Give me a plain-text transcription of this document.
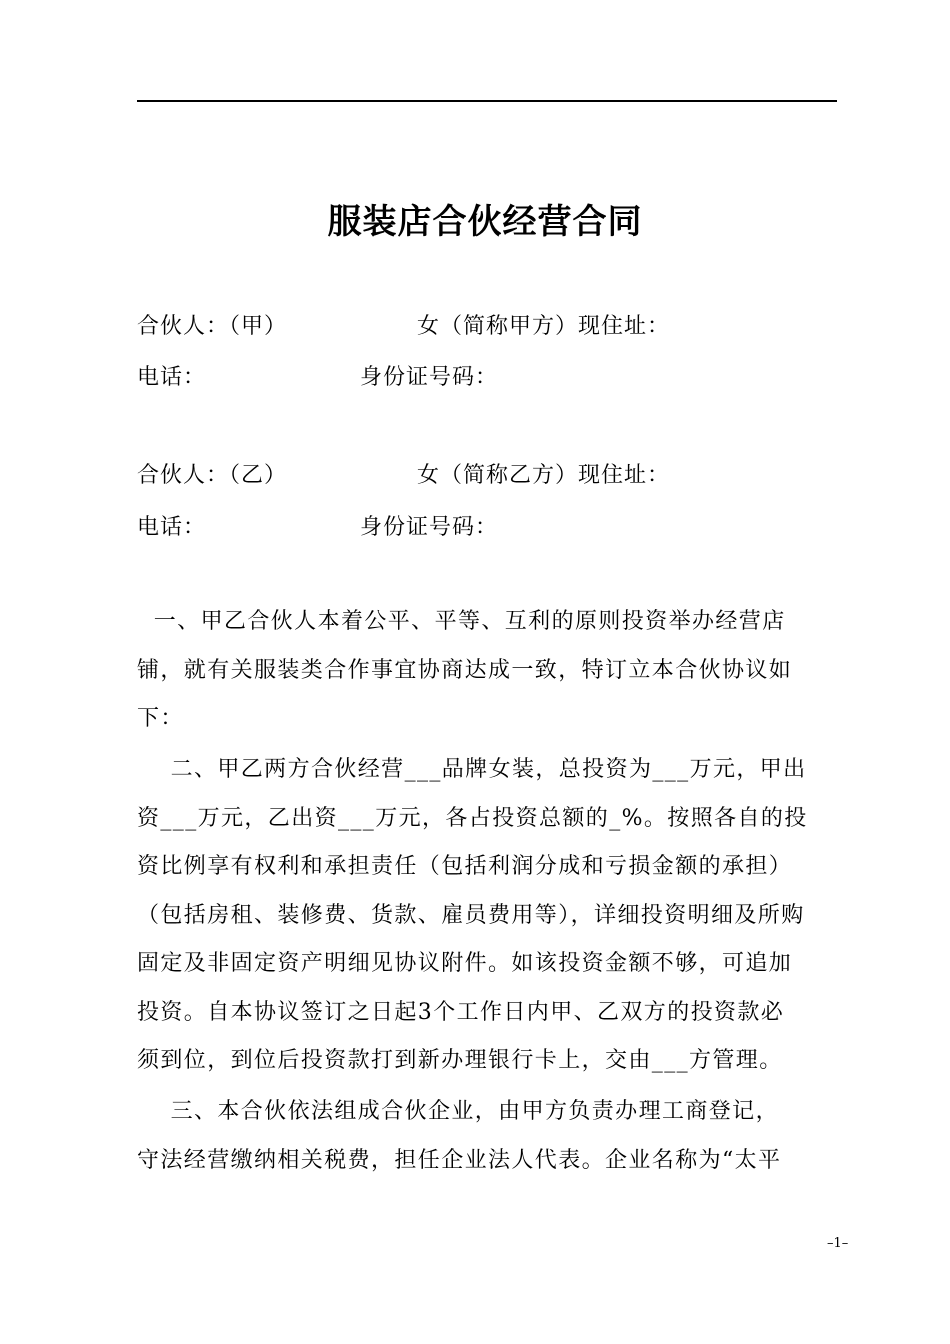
服装店合伙经营合同
合伙人：（甲）	女（简称甲方）现住址：
电话：	身份证号码：
合伙人：（乙）	女（简称乙方）现住址：
电话：	身份证号码：
一、甲乙合伙人本着公平、平等、互利的原则投资举办经营店
铺，就有关服装类合作事宜协商达成一致，特订立本合伙协议如
下：
二、甲乙两方合伙经营___品牌女装，总投资为___万元，甲出
资___万元，乙出资___万元，各占投资总额的_%。按照各自的投
资比例享有权利和承担责任（包括利润分成和亏损金额的承担）
（包括房租、装修费、货款、雇员费用等），详细投资明细及所购
固定及非固定资产明细见协议附件。如该投资金额不够，可追加
投资。自本协议签订之日起3个工作日内甲、乙双方的投资款必
须到位，到位后投资款打到新办理银行卡上，交由___方管理。
三、本合伙依法组成合伙企业，由甲方负责办理工商登记，
守法经营缴纳相关税费，担任企业法人代表。企业名称为“太平
–1–
